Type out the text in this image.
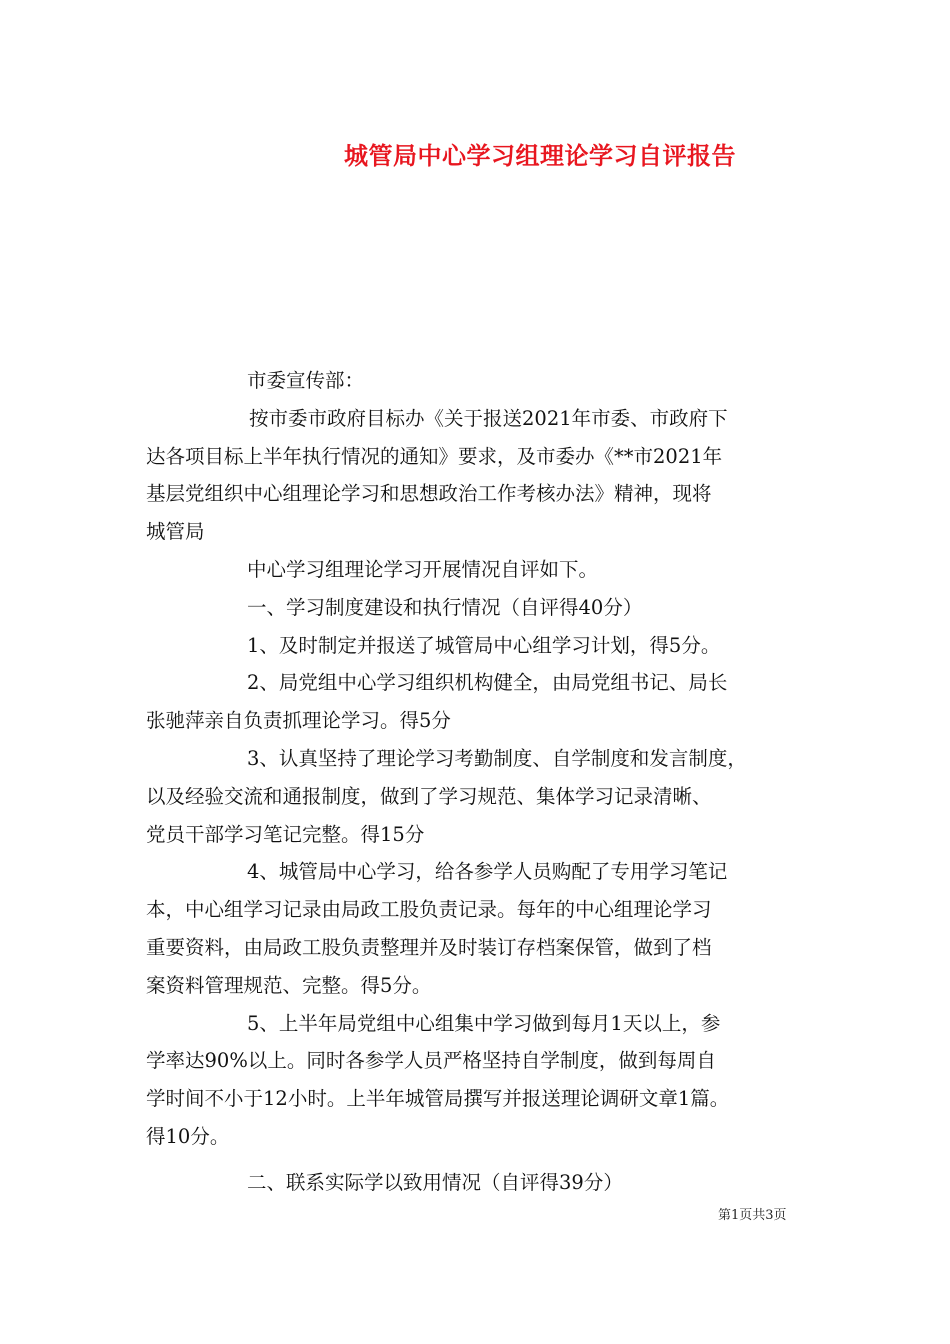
城管局中心学习组理论学习自评报告

市委宣传部：

按市委市政府目标办《关于报送2021年市委、市政府下

达各项目标上半年执行情况的通知》要求，及市委办《**市2021年

基层党组织中心组理论学习和思想政治工作考核办法》精神，现将

城管局

中心学习组理论学习开展情况自评如下。

一、学习制度建设和执行情况（自评得40分）

1、及时制定并报送了城管局中心组学习计划，得5分。

2、局党组中心学习组织机构健全，由局党组书记、局长

张驰萍亲自负责抓理论学习。得5分

3、认真坚持了理论学习考勤制度、自学制度和发言制度，

以及经验交流和通报制度，做到了学习规范、集体学习记录清晰、

党员干部学习笔记完整。得15分

4、城管局中心学习，给各参学人员购配了专用学习笔记

本，中心组学习记录由局政工股负责记录。每年的中心组理论学习

重要资料，由局政工股负责整理并及时装订存档案保管，做到了档

案资料管理规范、完整。得5分。

5、上半年局党组中心组集中学习做到每月1天以上，参

学率达90%以上。同时各参学人员严格坚持自学制度，做到每周自

学时间不小于12小时。上半年城管局撰写并报送理论调研文章1篇。

得10分。

二、联系实际学以致用情况（自评得39分）

第1页共3页
